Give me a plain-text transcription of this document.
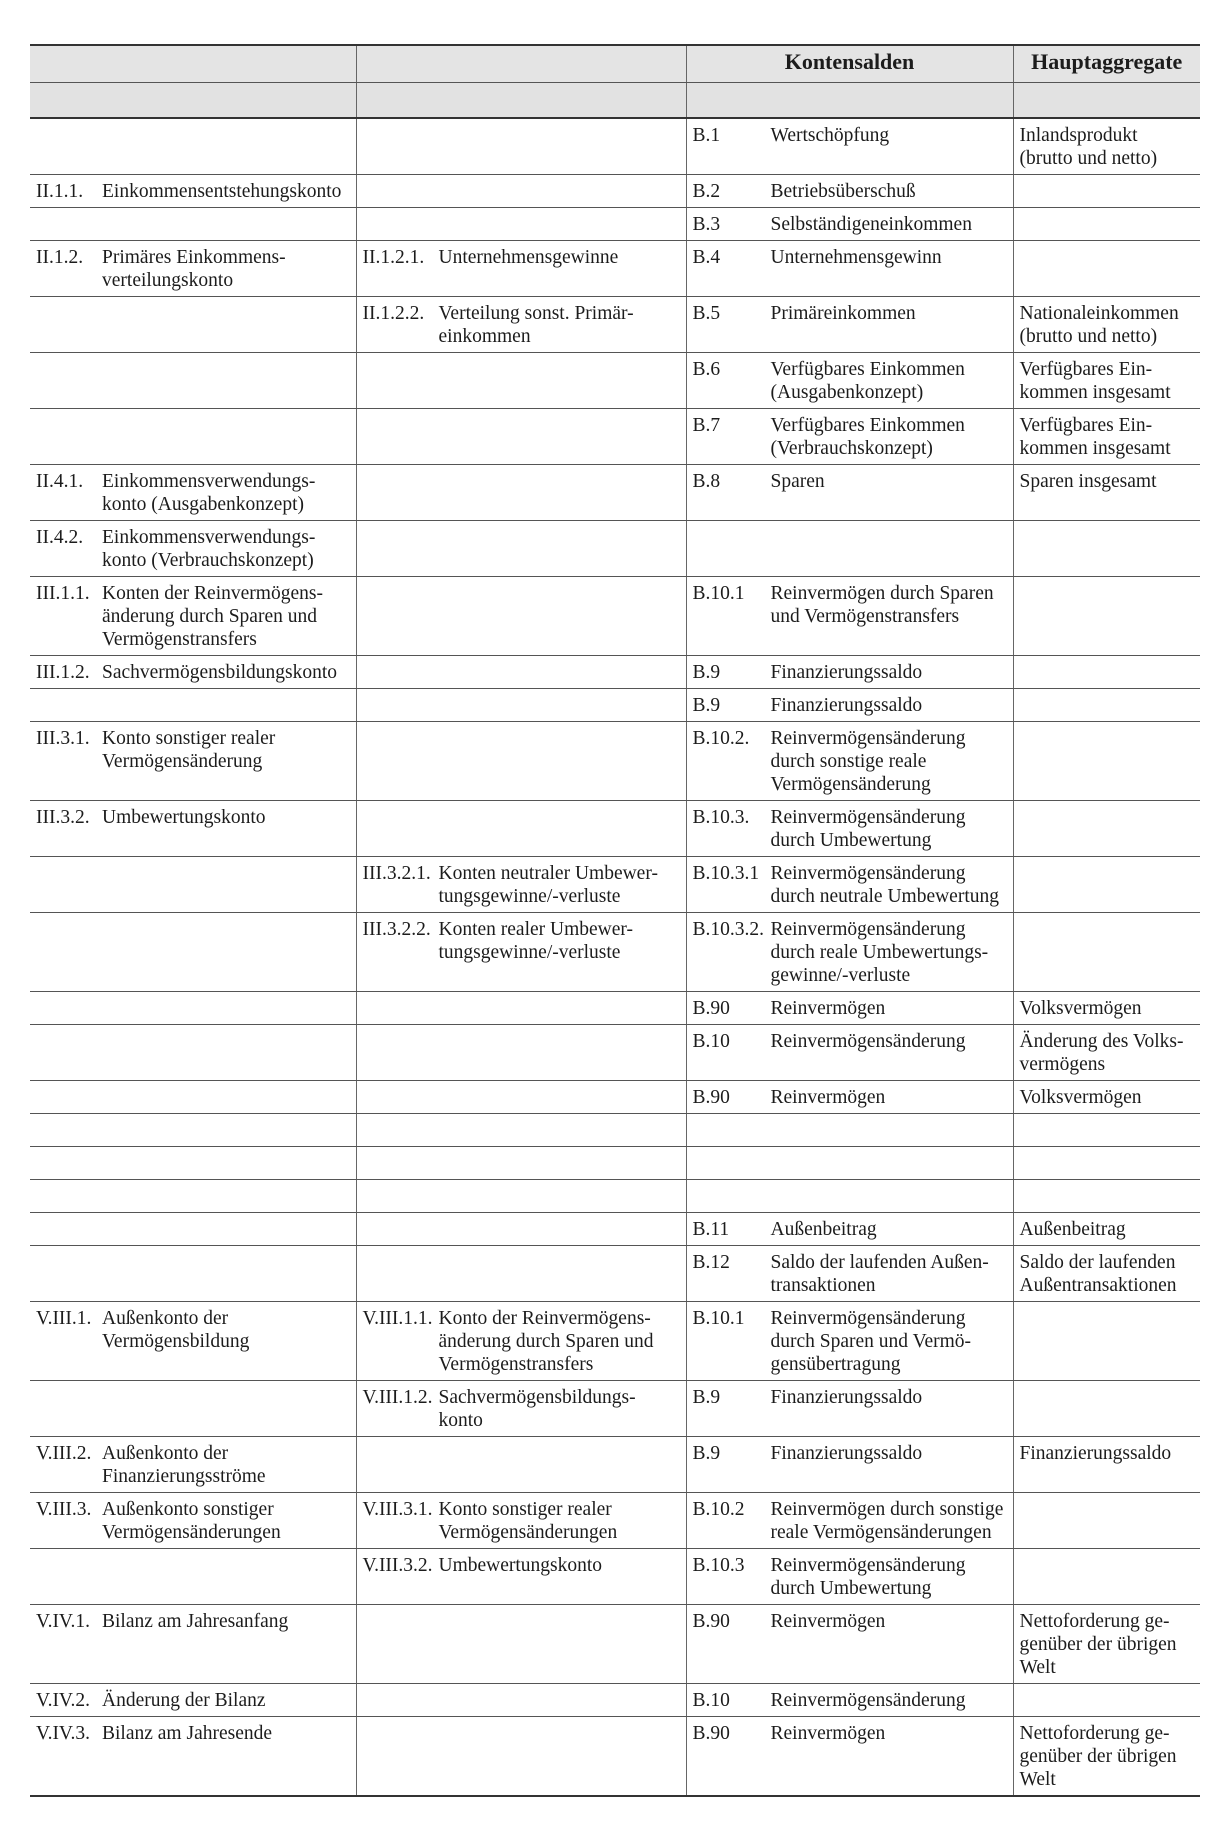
		Kontensalden	Hauptaggregate

		B.1 Wertschöpfung	Inlandsprodukt (brutto und netto)
II.1.1. Einkommensentstehungskonto		B.2 Betriebsüberschuß	
		B.3 Selbständigeneinkommen	
II.1.2. Primäres Einkommens-verteilungskonto	II.1.2.1. Unternehmensgewinne	B.4 Unternehmensgewinn	
	II.1.2.2. Verteilung sonst. Primär-einkommen	B.5 Primäreinkommen	Nationaleinkommen (brutto und netto)
		B.6 Verfügbares Einkommen (Ausgabenkonzept)	Verfügbares Ein-kommen insgesamt
		B.7 Verfügbares Einkommen (Verbrauchskonzept)	Verfügbares Ein-kommen insgesamt
II.4.1. Einkommensverwendungs-konto (Ausgabenkonzept)		B.8 Sparen	Sparen insgesamt
II.4.2. Einkommensverwendungs-konto (Verbrauchskonzept)			
III.1.1. Konten der Reinvermögens-änderung durch Sparen und Vermögenstransfers		B.10.1 Reinvermögen durch Sparen und Vermögenstransfers	
III.1.2. Sachvermögensbildungskonto		B.9 Finanzierungssaldo	
		B.9 Finanzierungssaldo	
III.3.1. Konto sonstiger realer Vermögensänderung		B.10.2. Reinvermögensänderung durch sonstige reale Vermögensänderung	
III.3.2. Umbewertungskonto		B.10.3. Reinvermögensänderung durch Umbewertung	
	III.3.2.1. Konten neutraler Umbewer-tungsgewinne/-verluste	B.10.3.1 Reinvermögensänderung durch neutrale Umbewertung	
	III.3.2.2. Konten realer Umbewer-tungsgewinne/-verluste	B.10.3.2. Reinvermögensänderung durch reale Umbewertungs-gewinne/-verluste	
		B.90 Reinvermögen	Volksvermögen
		B.10 Reinvermögensänderung	Änderung des Volks-vermögens
		B.90 Reinvermögen	Volksvermögen

		B.11 Außenbeitrag	Außenbeitrag
		B.12 Saldo der laufenden Außen-transaktionen	Saldo der laufenden Außentransaktionen
V.III.1. Außenkonto der Vermögensbildung	V.III.1.1. Konto der Reinvermögens-änderung durch Sparen und Vermögenstransfers	B.10.1 Reinvermögensänderung durch Sparen und Vermö-gensübertragung	
	V.III.1.2. Sachvermögensbildungs-konto	B.9 Finanzierungssaldo	
V.III.2. Außenkonto der Finanzierungsströme		B.9 Finanzierungssaldo	Finanzierungssaldo
V.III.3. Außenkonto sonstiger Vermögensänderungen	V.III.3.1. Konto sonstiger realer Vermögensänderungen	B.10.2 Reinvermögen durch sonstige reale Vermögensänderungen	
	V.III.3.2. Umbewertungskonto	B.10.3 Reinvermögensänderung durch Umbewertung	
V.IV.1. Bilanz am Jahresanfang		B.90 Reinvermögen	Nettoforderung ge-genüber der übrigen Welt
V.IV.2. Änderung der Bilanz		B.10 Reinvermögensänderung	
V.IV.3. Bilanz am Jahresende		B.90 Reinvermögen	Nettoforderung ge-genüber der übrigen Welt
